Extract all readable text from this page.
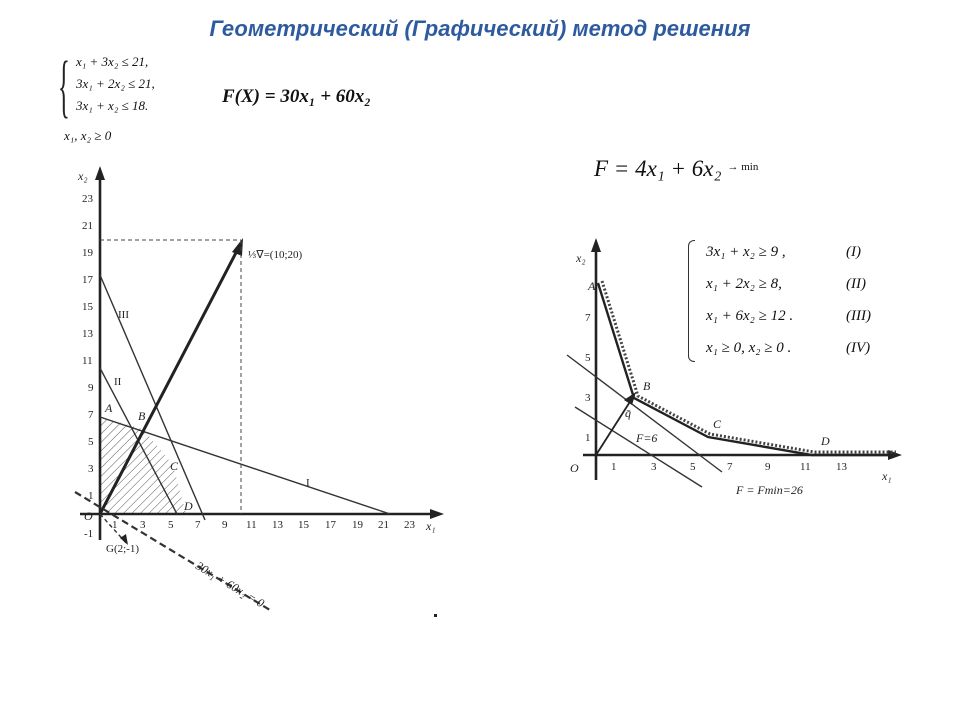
Геометрический (Графический) метод решения
{ x₁ + 3x₂ ≤ 21,
3x₁ + 2x₂ ≤ 21,
3x₁ + x₂ ≤ 18.
x₁, x₂ ≥ 0
F(X) = 30x₁ + 60x₂
F = 4x₁ + 6x₂ $^{\to min}$
x₂
x₁
23
21
19
17
15
13
11
9
7
5
3
1
-1
1 3 5 7 9 11 13 15 17 19 21 23
O
I
II
III
A
B
C
D
⅓∇=(10;20)
G(2;-1)
30x₁ + 60x₂ = 0
3x₁ + x₂ ≥ 9 ,	(I)
x₁ + 2x₂ ≥ 8,	(II)
x₁ + 6x₂ ≥ 12 .	(III)
x₁ ≥ 0, x₂ ≥ 0 .	(IV)
x₂
x₁
7
5
3
1
1	3	5	7	9	11 13
O
A
B
C
D
q̄
F=6
F = Fmin=26
